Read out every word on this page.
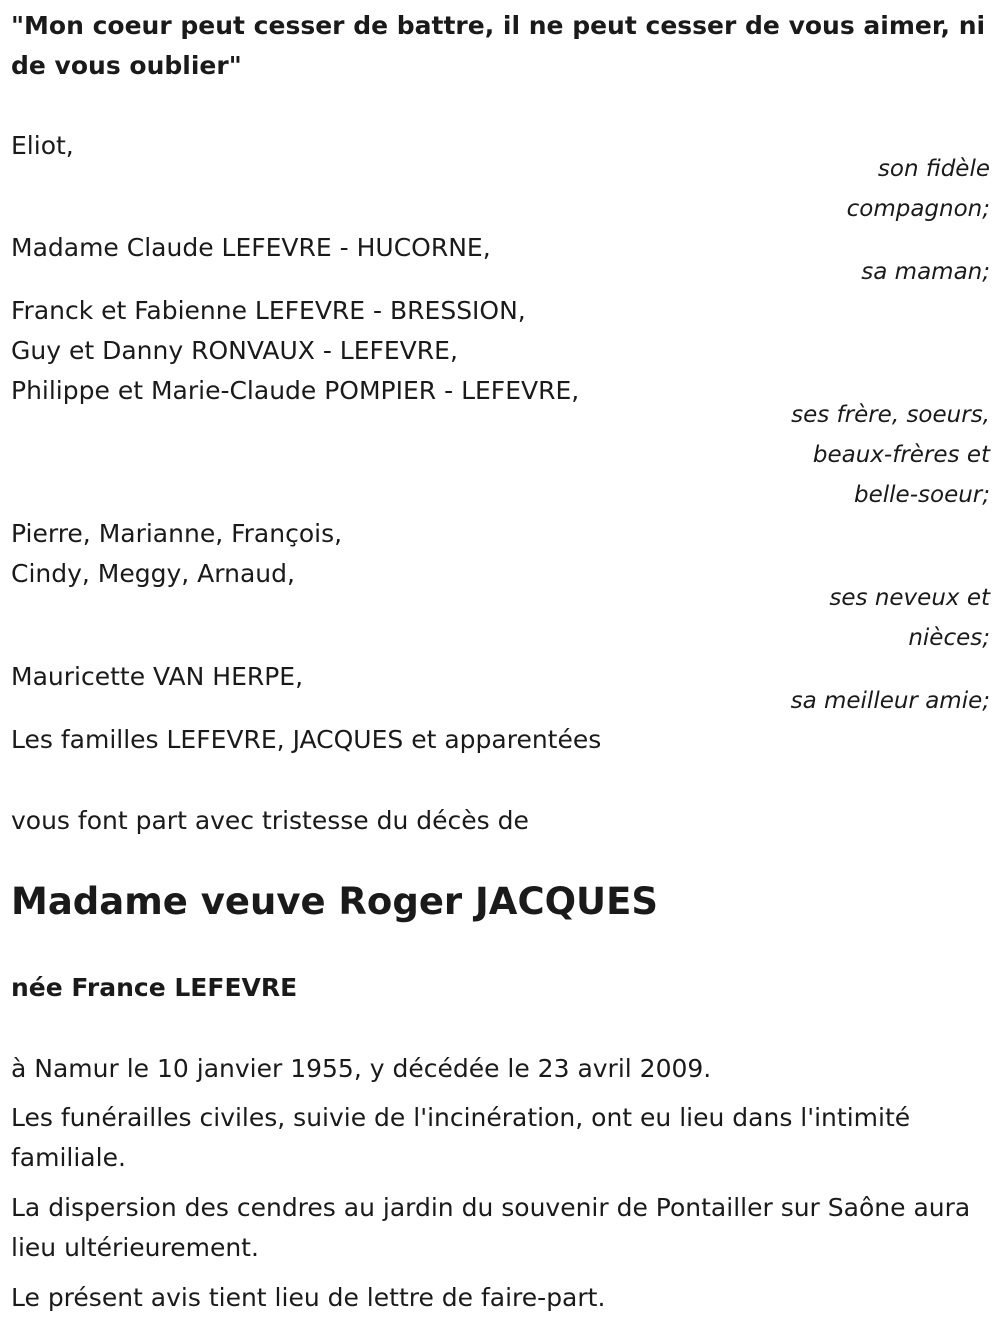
"Mon coeur peut cesser de battre, il ne peut cesser de vous aimer, ni de vous oublier"
Eliot,
son fidèle
compagnon;
Madame Claude LEFEVRE - HUCORNE,
sa maman;
Franck et Fabienne LEFEVRE - BRESSION,
Guy et Danny RONVAUX - LEFEVRE,
Philippe et Marie-Claude POMPIER - LEFEVRE,
ses frère, soeurs,
beaux-frères et
belle-soeur;
Pierre, Marianne, François,
Cindy, Meggy, Arnaud,
ses neveux et
nièces;
Mauricette VAN HERPE,
sa meilleur amie;
Les familles LEFEVRE, JACQUES et apparentées
vous font part avec tristesse du décès de
Madame veuve Roger JACQUES
née France LEFEVRE
à Namur le 10 janvier 1955, y décédée le 23 avril 2009.
Les funérailles civiles, suivie de l'incinération, ont eu lieu dans l'intimité familiale.
La dispersion des cendres au jardin du souvenir de Pontailler sur Saône aura lieu ultérieurement.
Le présent avis tient lieu de lettre de faire-part.
